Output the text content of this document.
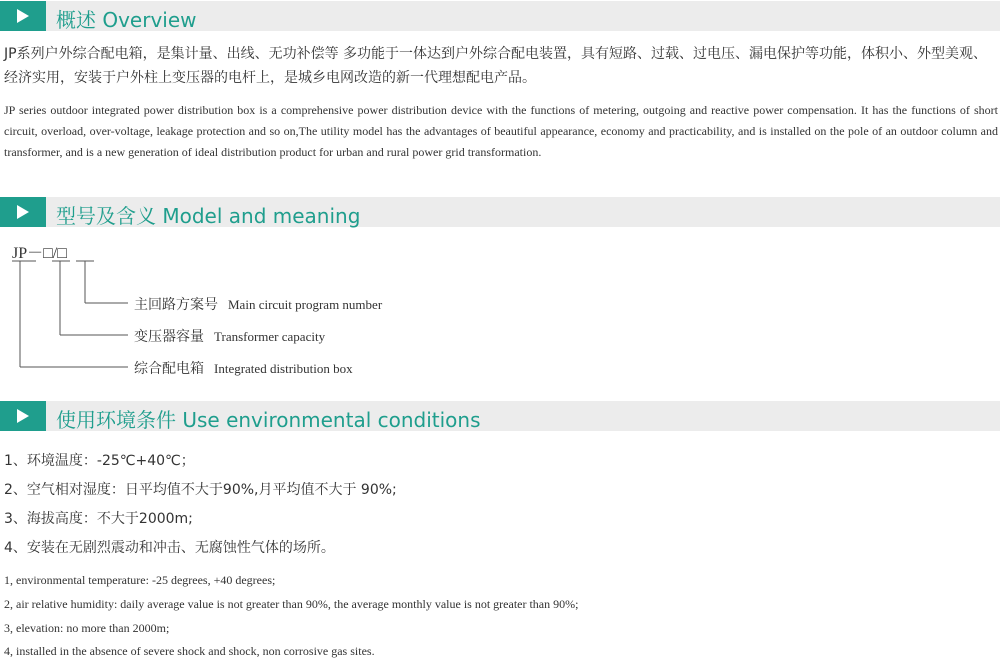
概述 Overview

JP系列户外综合配电箱，是集计量、出线、无功补偿等 多功能于一体达到户外综合配电装置，具有短路、过载、过电压、漏电保护等功能，体积小、外型美观、经济实用，安装于户外柱上变压器的电杆上，是城乡电网改造的新一代理想配电产品。

JP series outdoor integrated power distribution box is a comprehensive power distribution device with the functions of metering, outgoing and reactive power compensation. It has the functions of short circuit, overload, over-voltage, leakage protection and so on,The utility model has the advantages of beautiful appearance, economy and practicability, and is installed on the pole of an outdoor column and transformer, and is a new generation of ideal distribution product for urban and rural power grid transformation.

型号及含义 Model and meaning
JP－□/□
主回路方案号 Main circuit program number
变压器容量 Transformer capacity
综合配电箱 Integrated distribution box
使用环境条件 Use environmental conditions
1、环境温度：-25℃+40℃；
2、空气相对湿度：日平均值不大于90%,月平均值不大于 90%;
3、海拔高度：不大于2000m;
4、安装在无剧烈震动和冲击、无腐蚀性气体的场所。
1, environmental temperature: -25 degrees, +40 degrees;
2, air relative humidity: daily average value is not greater than 90%, the average monthly value is not greater than 90%;
3, elevation: no more than 2000m;
4, installed in the absence of severe shock and shock, non corrosive gas sites.
